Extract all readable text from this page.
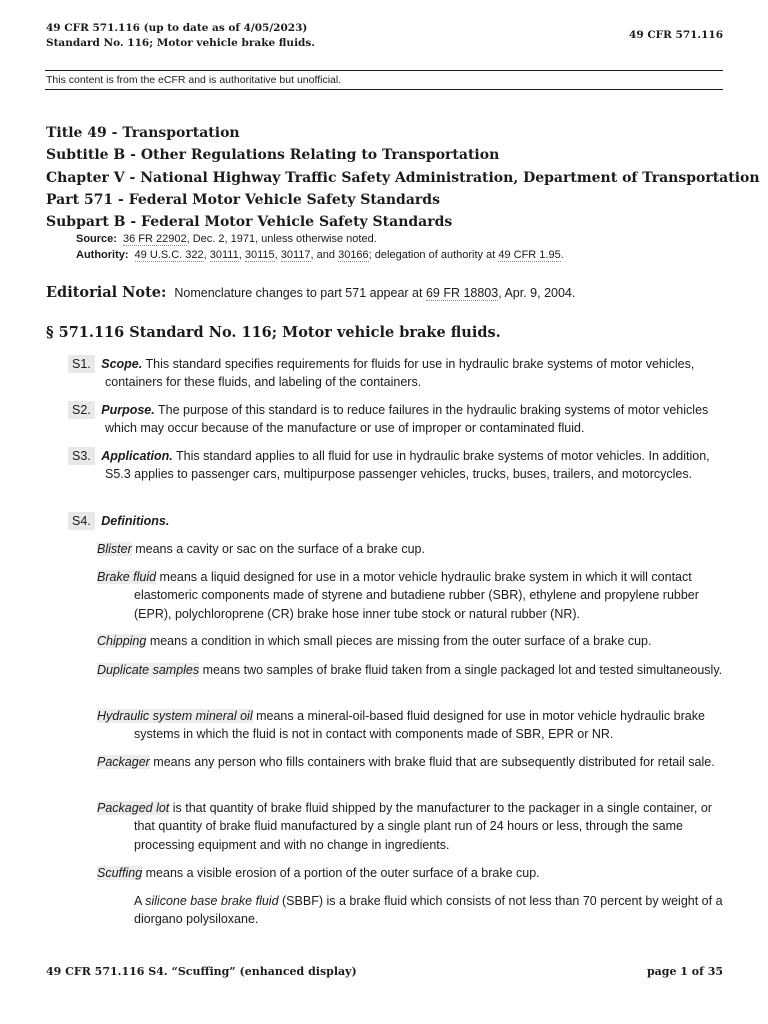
49 CFR 571.116 (up to date as of 4/05/2023)
Standard No. 116; Motor vehicle brake fluids.
49 CFR 571.116
This content is from the eCFR and is authoritative but unofficial.
Title 49 - Transportation
Subtitle B - Other Regulations Relating to Transportation
Chapter V - National Highway Traffic Safety Administration, Department of Transportation
Part 571 - Federal Motor Vehicle Safety Standards
Subpart B - Federal Motor Vehicle Safety Standards
Source: 36 FR 22902, Dec. 2, 1971, unless otherwise noted.
Authority: 49 U.S.C. 322, 30111, 30115, 30117, and 30166; delegation of authority at 49 CFR 1.95.
Editorial Note: Nomenclature changes to part 571 appear at 69 FR 18803, Apr. 9, 2004.
§ 571.116 Standard No. 116; Motor vehicle brake fluids.
S1. Scope. This standard specifies requirements for fluids for use in hydraulic brake systems of motor vehicles, containers for these fluids, and labeling of the containers.
S2. Purpose. The purpose of this standard is to reduce failures in the hydraulic braking systems of motor vehicles which may occur because of the manufacture or use of improper or contaminated fluid.
S3. Application. This standard applies to all fluid for use in hydraulic brake systems of motor vehicles. In addition, S5.3 applies to passenger cars, multipurpose passenger vehicles, trucks, buses, trailers, and motorcycles.
S4. Definitions.
Blister means a cavity or sac on the surface of a brake cup.
Brake fluid means a liquid designed for use in a motor vehicle hydraulic brake system in which it will contact elastomeric components made of styrene and butadiene rubber (SBR), ethylene and propylene rubber (EPR), polychloroprene (CR) brake hose inner tube stock or natural rubber (NR).
Chipping means a condition in which small pieces are missing from the outer surface of a brake cup.
Duplicate samples means two samples of brake fluid taken from a single packaged lot and tested simultaneously.
Hydraulic system mineral oil means a mineral-oil-based fluid designed for use in motor vehicle hydraulic brake systems in which the fluid is not in contact with components made of SBR, EPR or NR.
Packager means any person who fills containers with brake fluid that are subsequently distributed for retail sale.
Packaged lot is that quantity of brake fluid shipped by the manufacturer to the packager in a single container, or that quantity of brake fluid manufactured by a single plant run of 24 hours or less, through the same processing equipment and with no change in ingredients.
Scuffing means a visible erosion of a portion of the outer surface of a brake cup.
A silicone base brake fluid (SBBF) is a brake fluid which consists of not less than 70 percent by weight of a diorgano polysiloxane.
49 CFR 571.116 S4. “Scuffing” (enhanced display)	page 1 of 35
